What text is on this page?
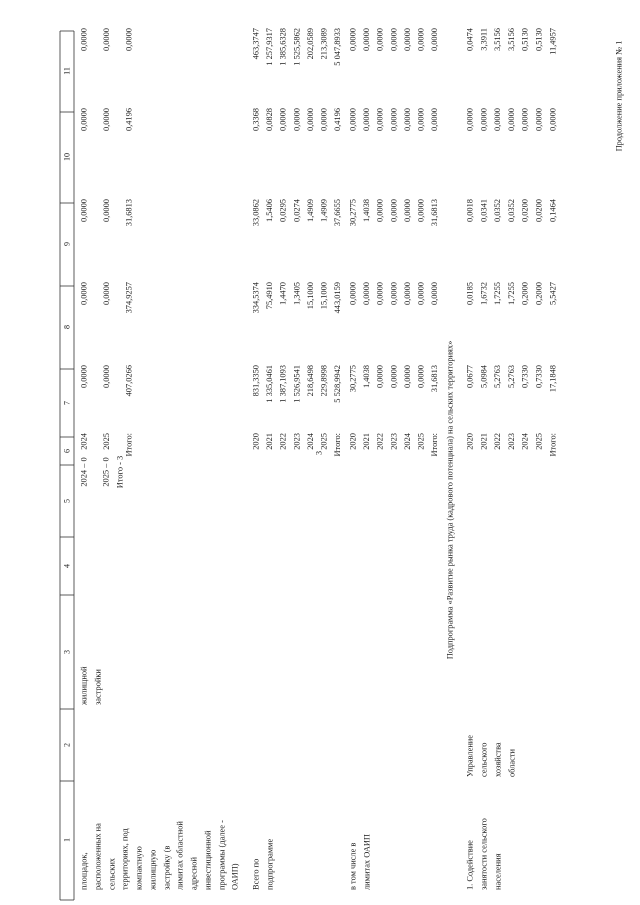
3
Продолжение приложения № 1
11
10
9
8
7
6
5
4
3
2
1
площадок, расположенных на сельских территориях, под компактную жилищную застройку (в лимитах областной адресной инвестиционной программы (далее - ОАИП)
жилищной застройки
2024 – 0 2025 – 0 Итого - 3
2024
0,0000
0,0000
0,0000
0,0000
0,0000
2025
0,0000
0,0000
0,0000
0,0000
0,0000
Итого:
407,0266
374,9257
31,6813
0,4196
0,0000
Всего по подпрограмме
2020
831,3350
334,5374
33,0862
0,3368
463,3747
2021
1 335,0461
75,4910
1,5406
0,0828
1 257,9317
2022
1 387,1093
1,4470
0,0295
0,0000
1 385,6328
2023
1 526,9541
1,3405
0,0274
0,0000
1 525,5862
2024
218,6498
15,1000
1,4909
0,0000
202,0589
2025
229,8998
15,1000
1,4909
0,0000
213,3089
Итого:
5 528,9942
443,0159
37,6655
0,4196
5 047,8933
в том числе в лимитах ОАИП
2020
30,2775
0,0000
30,2775
0,0000
0,0000
2021
1,4038
0,0000
1,4038
0,0000
0,0000
2022
0,0000
0,0000
0,0000
0,0000
0,0000
2023
0,0000
0,0000
0,0000
0,0000
0,0000
2024
0,0000
0,0000
0,0000
0,0000
0,0000
2025
0,0000
0,0000
0,0000
0,0000
0,0000
Итого:
31,6813
0,0000
31,6813
0,0000
0,0000
Подпрограмма «Развитие рынка труда (кадрового потенциала) на сельских территориях»
1. Содействие занятости сельского населения
Управление сельского хозяйства области
2020
0,0677
0,0185
0,0018
0,0000
0,0474
2021
5,0984
1,6732
0,0341
0,0000
3,3911
2022
5,2763
1,7255
0,0352
0,0000
3,5156
2023
5,2763
1,7255
0,0352
0,0000
3,5156
2024
0,7330
0,2000
0,0200
0,0000
0,5130
2025
0,7330
0,2000
0,0200
0,0000
0,5130
Итого:
17,1848
5,5427
0,1464
0,0000
11,4957
